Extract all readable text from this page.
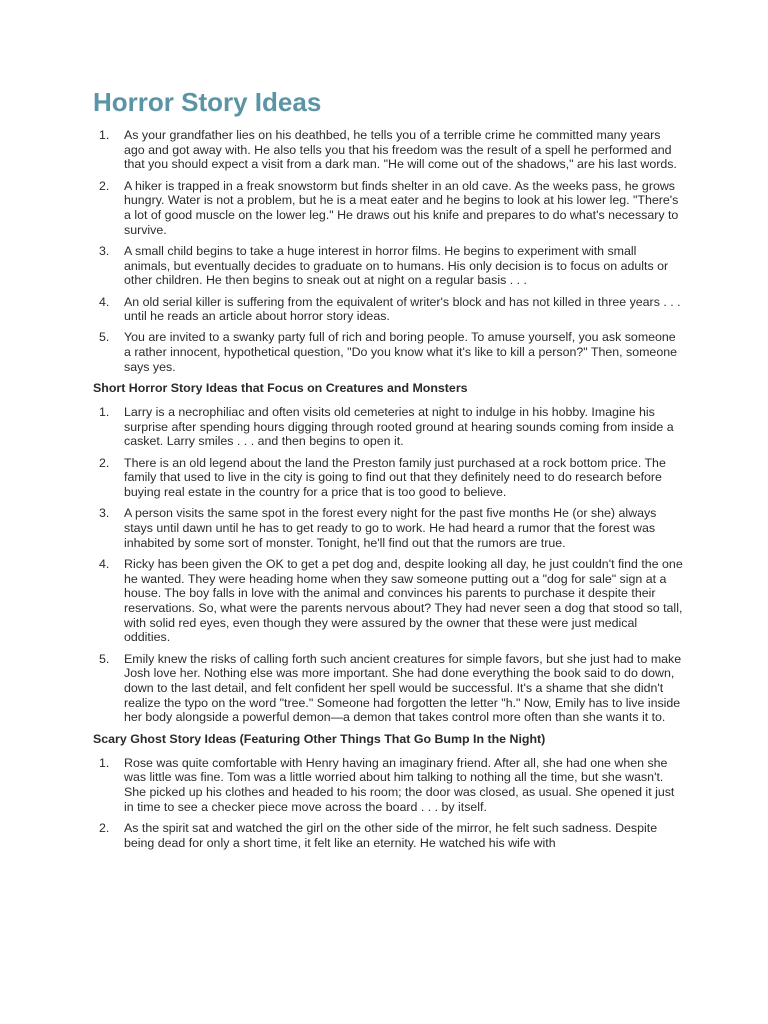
Horror Story Ideas
1.	As your grandfather lies on his deathbed, he tells you of a terrible crime he committed many years ago and got away with. He also tells you that his freedom was the result of a spell he performed and that you should expect a visit from a dark man. "He will come out of the shadows," are his last words.
2.	A hiker is trapped in a freak snowstorm but finds shelter in an old cave. As the weeks pass, he grows hungry. Water is not a problem, but he is a meat eater and he begins to look at his lower leg. "There's a lot of good muscle on the lower leg." He draws out his knife and prepares to do what's necessary to survive.
3.	A small child begins to take a huge interest in horror films. He begins to experiment with small animals, but eventually decides to graduate on to humans. His only decision is to focus on adults or other children. He then begins to sneak out at night on a regular basis . . .
4.	An old serial killer is suffering from the equivalent of writer's block and has not killed in three years . . . until he reads an article about horror story ideas.
5.	You are invited to a swanky party full of rich and boring people. To amuse yourself, you ask someone a rather innocent, hypothetical question, "Do you know what it's like to kill a person?" Then, someone says yes.
Short Horror Story Ideas that Focus on Creatures and Monsters
1.	Larry is a necrophiliac and often visits old cemeteries at night to indulge in his hobby. Imagine his surprise after spending hours digging through rooted ground at hearing sounds coming from inside a casket. Larry smiles . . . and then begins to open it.
2.	There is an old legend about the land the Preston family just purchased at a rock bottom price. The family that used to live in the city is going to find out that they definitely need to do research before buying real estate in the country for a price that is too good to believe.
3.	A person visits the same spot in the forest every night for the past five months He (or she) always stays until dawn until he has to get ready to go to work. He had heard a rumor that the forest was inhabited by some sort of monster. Tonight, he'll find out that the rumors are true.
4.	Ricky has been given the OK to get a pet dog and, despite looking all day, he just couldn't find the one he wanted. They were heading home when they saw someone putting out a "dog for sale" sign at a house. The boy falls in love with the animal and convinces his parents to purchase it despite their reservations. So, what were the parents nervous about? They had never seen a dog that stood so tall, with solid red eyes, even though they were assured by the owner that these were just medical oddities.
5.	Emily knew the risks of calling forth such ancient creatures for simple favors, but she just had to make Josh love her. Nothing else was more important. She had done everything the book said to do down, down to the last detail, and felt confident her spell would be successful. It's a shame that she didn't realize the typo on the word "tree." Someone had forgotten the letter "h." Now, Emily has to live inside her body alongside a powerful demon—a demon that takes control more often than she wants it to.
Scary Ghost Story Ideas (Featuring Other Things That Go Bump In the Night)
1.	Rose was quite comfortable with Henry having an imaginary friend. After all, she had one when she was little was fine. Tom was a little worried about him talking to nothing all the time, but she wasn't. She picked up his clothes and headed to his room; the door was closed, as usual. She opened it just in time to see a checker piece move across the board . . . by itself.
2.	As the spirit sat and watched the girl on the other side of the mirror, he felt such sadness. Despite being dead for only a short time, it felt like an eternity. He watched his wife with
